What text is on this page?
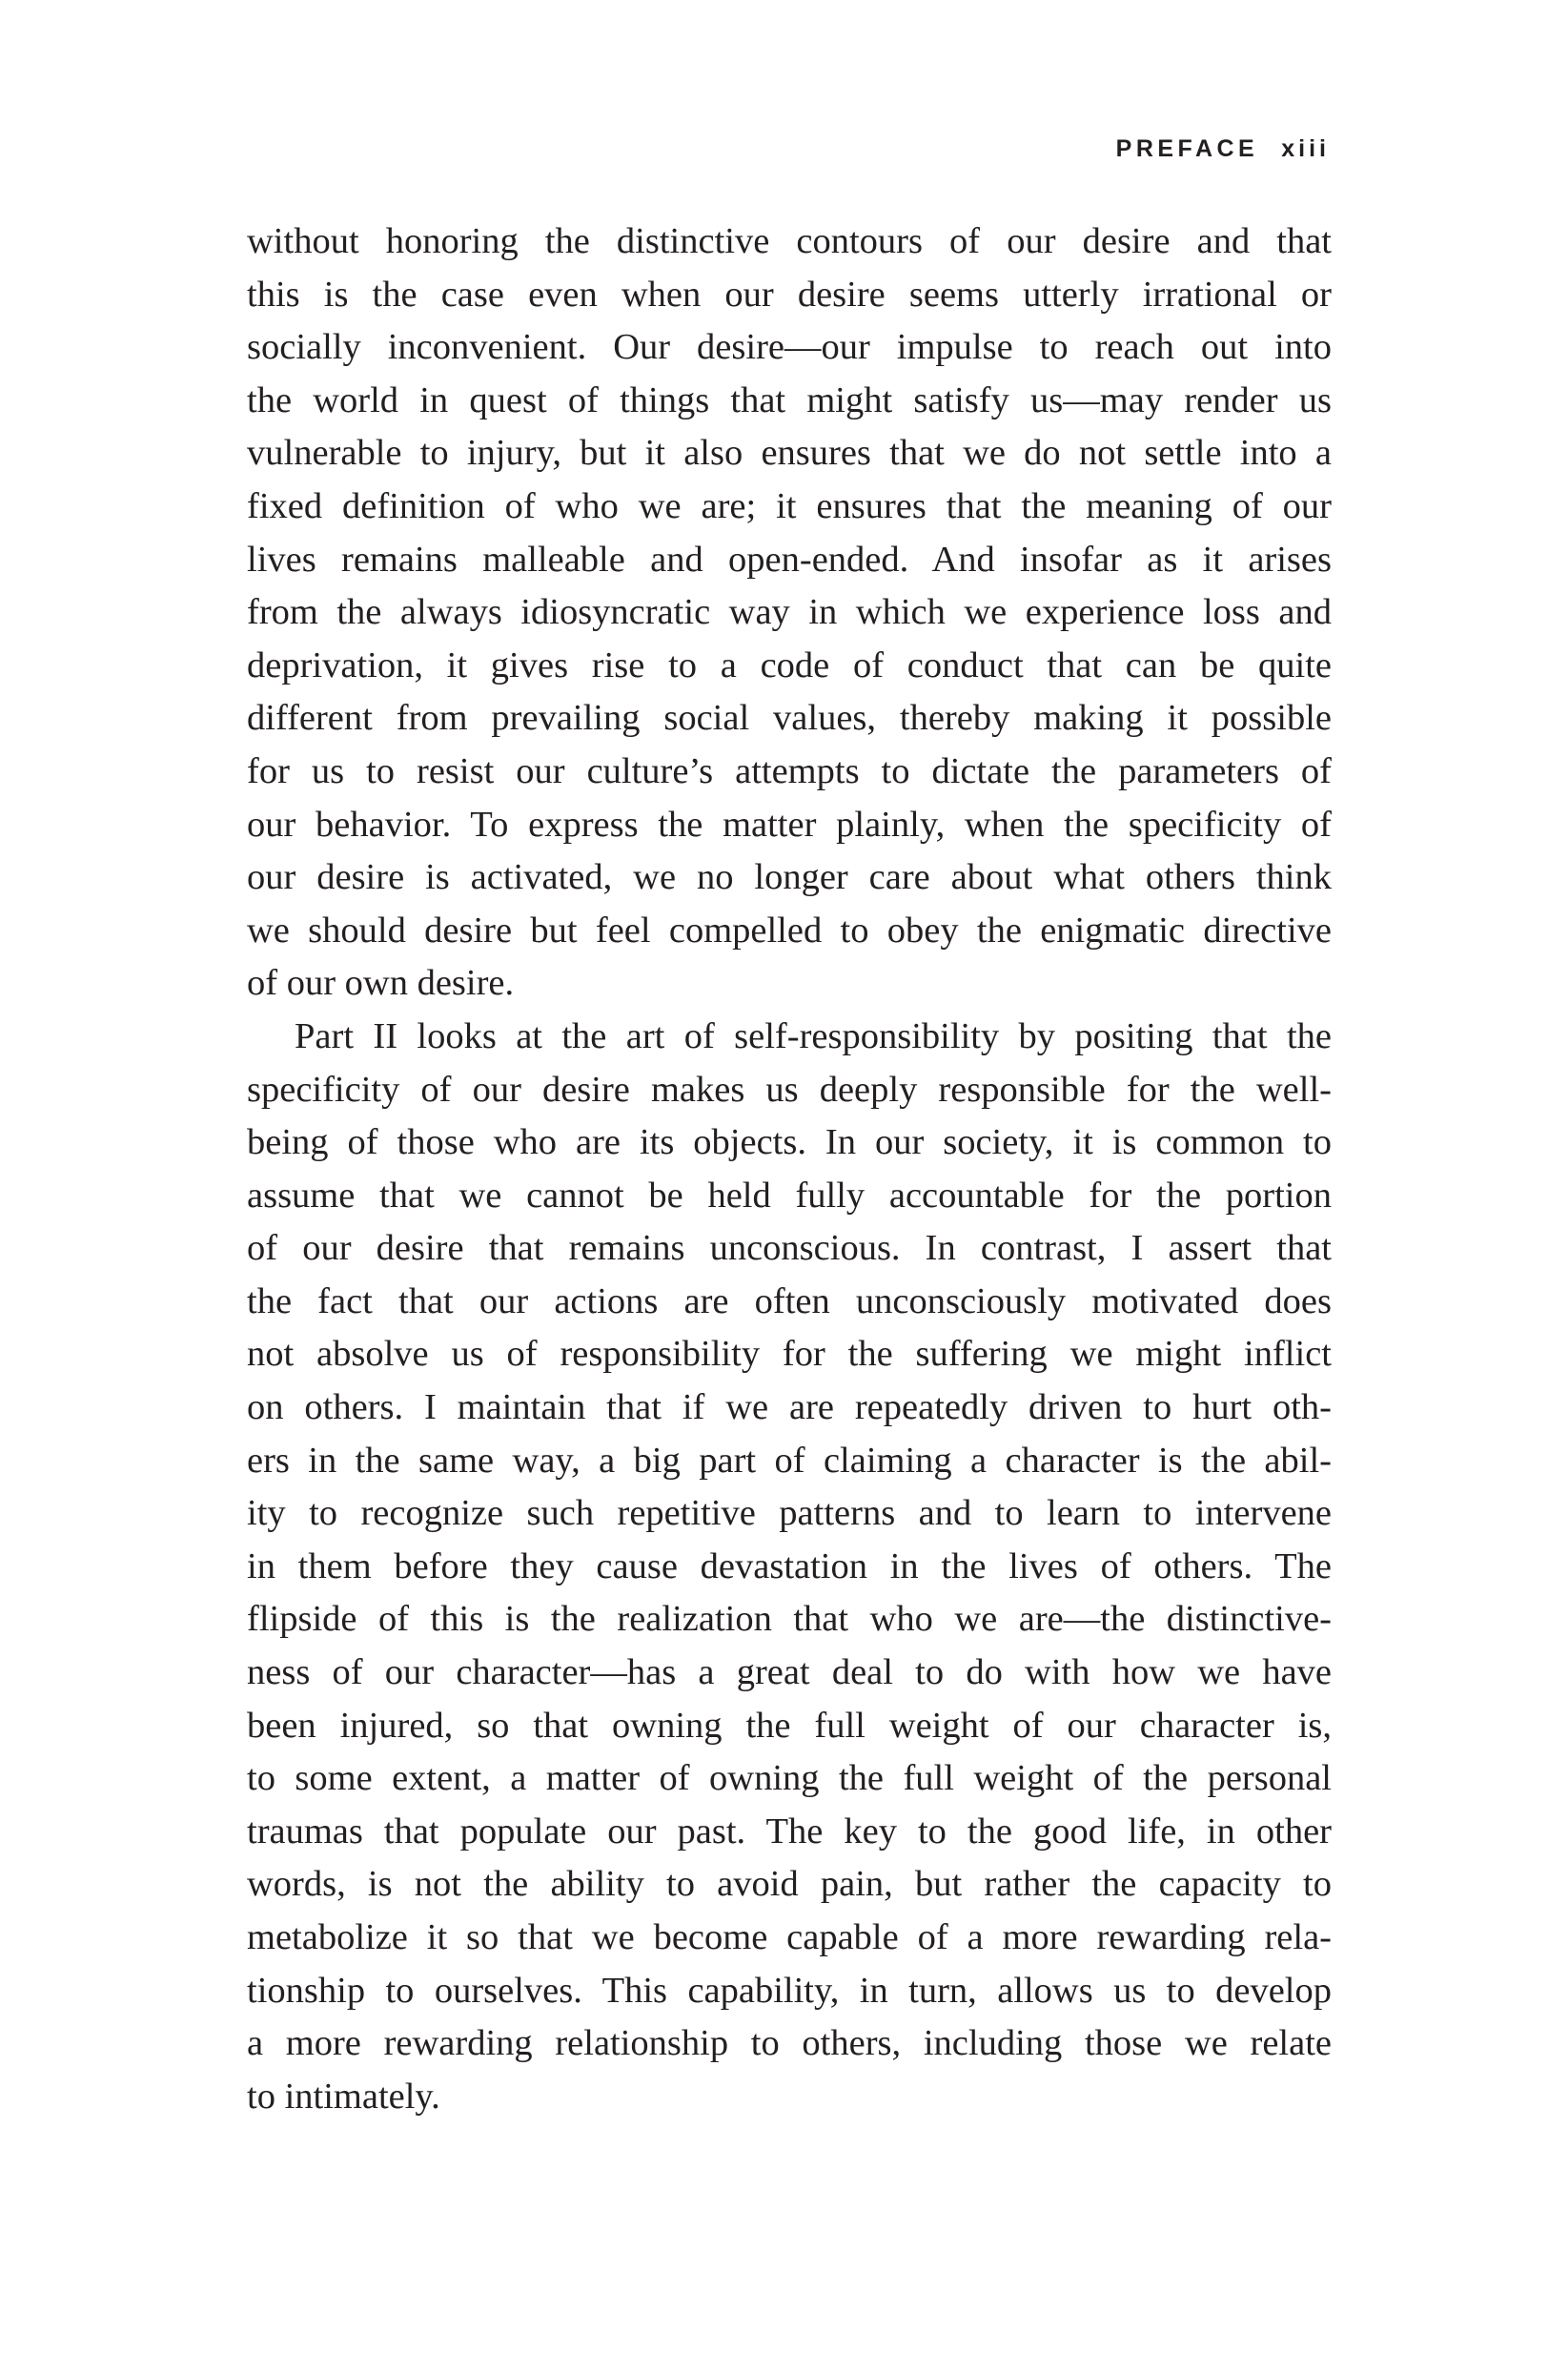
PREFACE xiii
without honoring the distinctive contours of our desire and that
this is the case even when our desire seems utterly irrational or
socially inconvenient. Our desire—our impulse to reach out into
the world in quest of things that might satisfy us—may render us
vulnerable to injury, but it also ensures that we do not settle into a
fixed definition of who we are; it ensures that the meaning of our
lives remains malleable and open-ended. And insofar as it arises
from the always idiosyncratic way in which we experience loss and
deprivation, it gives rise to a code of conduct that can be quite
different from prevailing social values, thereby making it possible
for us to resist our culture’s attempts to dictate the parameters of
our behavior. To express the matter plainly, when the specificity of
our desire is activated, we no longer care about what others think
we should desire but feel compelled to obey the enigmatic directive
of our own desire.
Part II looks at the art of self-responsibility by positing that the
specificity of our desire makes us deeply responsible for the well-
being of those who are its objects. In our society, it is common to
assume that we cannot be held fully accountable for the portion
of our desire that remains unconscious. In contrast, I assert that
the fact that our actions are often unconsciously motivated does
not absolve us of responsibility for the suffering we might inflict
on others. I maintain that if we are repeatedly driven to hurt oth-
ers in the same way, a big part of claiming a character is the abil-
ity to recognize such repetitive patterns and to learn to intervene
in them before they cause devastation in the lives of others. The
flipside of this is the realization that who we are—the distinctive-
ness of our character—has a great deal to do with how we have
been injured, so that owning the full weight of our character is,
to some extent, a matter of owning the full weight of the personal
traumas that populate our past. The key to the good life, in other
words, is not the ability to avoid pain, but rather the capacity to
metabolize it so that we become capable of a more rewarding rela-
tionship to ourselves. This capability, in turn, allows us to develop
a more rewarding relationship to others, including those we relate
to intimately.
